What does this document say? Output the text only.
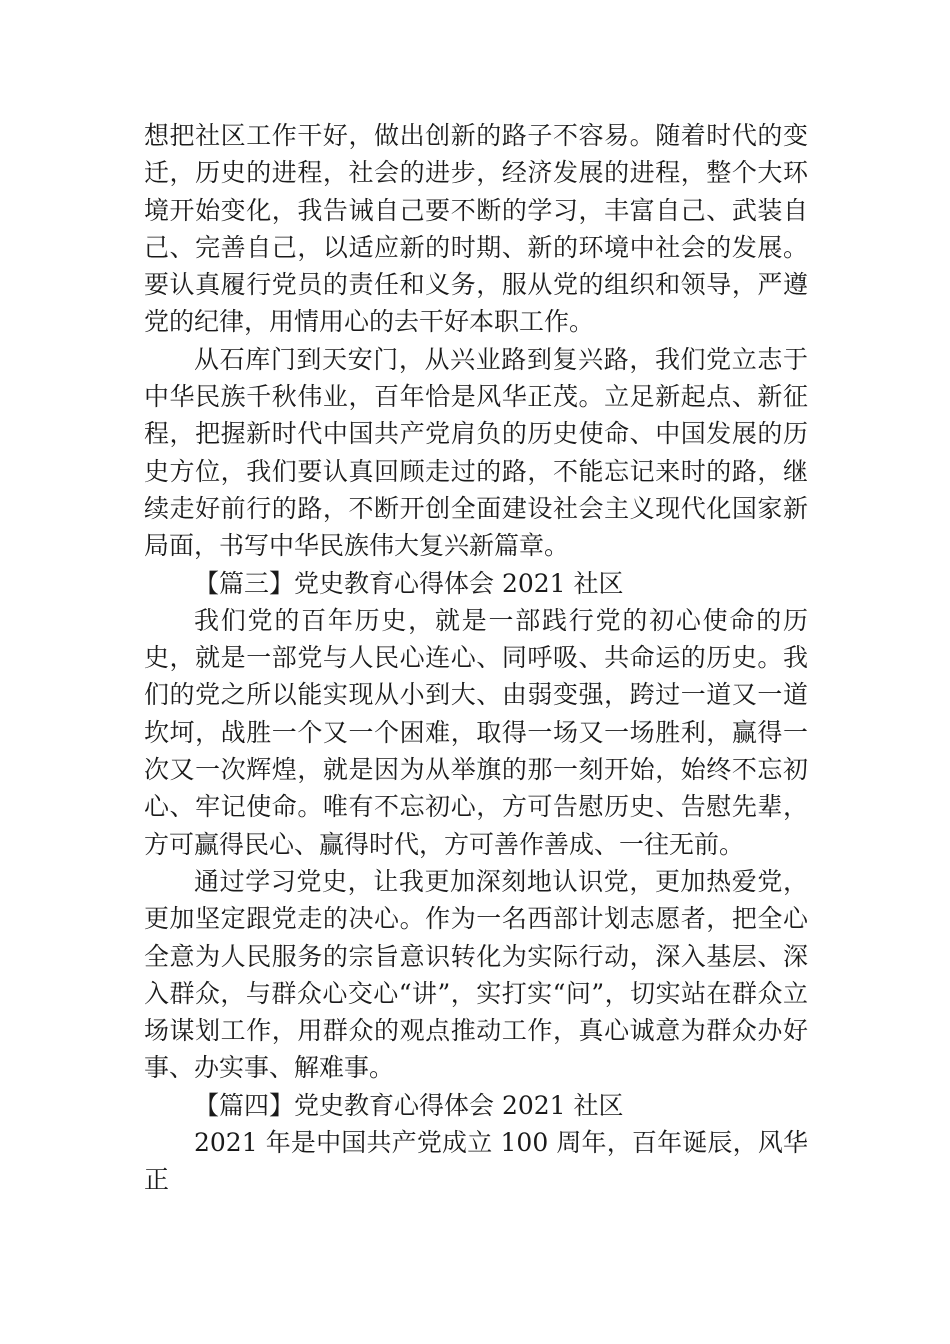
想把社区工作干好，做出创新的路子不容易。随着时代的变迁，历史的进程，社会的进步，经济发展的进程，整个大环境开始变化，我告诫自己要不断的学习，丰富自己、武装自己、完善自己，以适应新的时期、新的环境中社会的发展。要认真履行党员的责任和义务，服从党的组织和领导，严遵党的纪律，用情用心的去干好本职工作。

从石库门到天安门，从兴业路到复兴路，我们党立志于中华民族千秋伟业，百年恰是风华正茂。立足新起点、新征程，把握新时代中国共产党肩负的历史使命、中国发展的历史方位，我们要认真回顾走过的路，不能忘记来时的路，继续走好前行的路，不断开创全面建设社会主义现代化国家新局面，书写中华民族伟大复兴新篇章。

【篇三】党史教育心得体会 2021 社区

我们党的百年历史，就是一部践行党的初心使命的历史，就是一部党与人民心连心、同呼吸、共命运的历史。我们的党之所以能实现从小到大、由弱变强，跨过一道又一道坎坷，战胜一个又一个困难，取得一场又一场胜利，赢得一次又一次辉煌，就是因为从举旗的那一刻开始，始终不忘初心、牢记使命。唯有不忘初心，方可告慰历史、告慰先辈，方可赢得民心、赢得时代，方可善作善成、一往无前。

通过学习党史，让我更加深刻地认识党，更加热爱党，更加坚定跟党走的决心。作为一名西部计划志愿者，把全心全意为人民服务的宗旨意识转化为实际行动，深入基层、深入群众，与群众心交心“讲”，实打实“问”，切实站在群众立场谋划工作，用群众的观点推动工作，真心诚意为群众办好事、办实事、解难事。

【篇四】党史教育心得体会 2021 社区

2021 年是中国共产党成立 100 周年，百年诞辰，风华正
